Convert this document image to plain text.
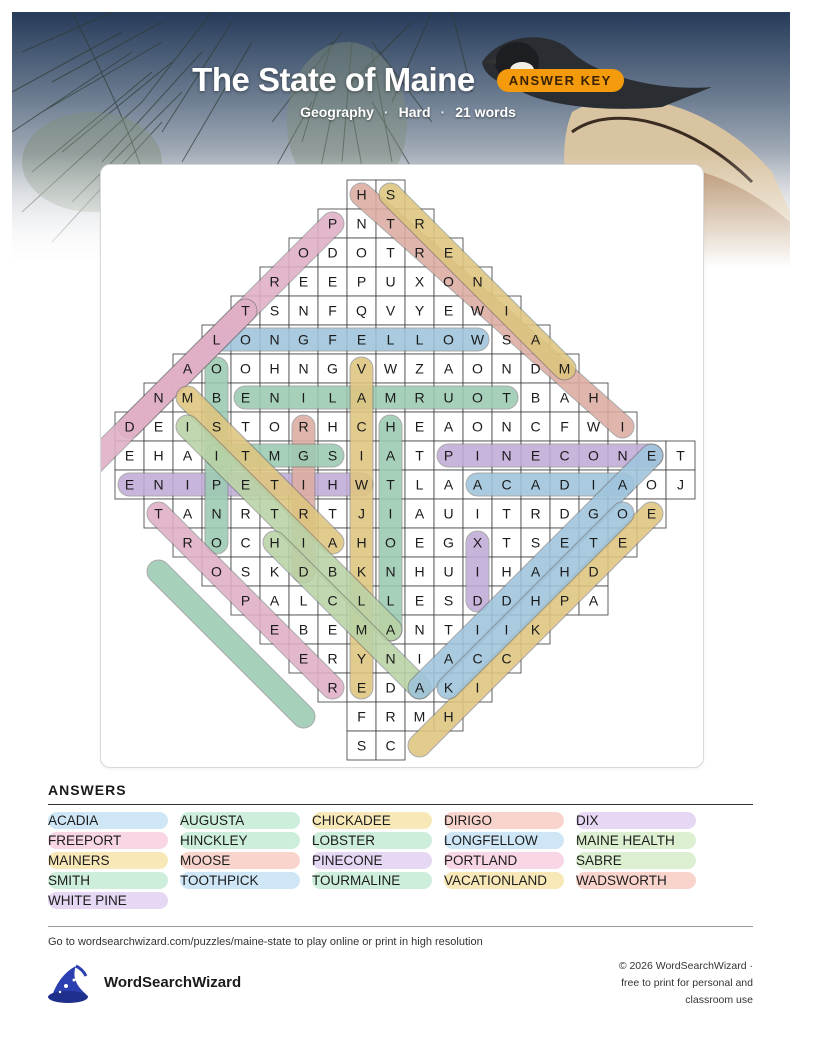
The State of Maine	ANSWER KEY
Geography · Hard · 21 words
H S
P N T R
O D O T R E
R E E P U X O N
T S N F Q V Y E W I
L O N G F E L L O W S A
A O O H N G V W Z A O N D M
N M B E N I L A M R U O T B A H
D E I S T O R H C H E A O N C F W I
E H A I T M G S I A T P I N E C O N E T
E N I P E T I H W T L A A C A D I A O J
T A N R T R T J I A U I T R D G O E
R O C H I A H O E G X T S E T E
O S K D B K N H U I H A H D
P A L C L L E S D D H P A
E B E M A N T I I K
E R Y N I A C C
R E D A K I
F R M H
S C
ANSWERS
ACADIA	AUGUSTA	CHICKADEE	DIRIGO	DIX
FREEPORT	HINCKLEY	LOBSTER	LONGFELLOW	MAINE HEALTH
MAINERS	MOOSE	PINECONE	PORTLAND	SABRE
SMITH	TOOTHPICK	TOURMALINE	VACATIONLAND	WADSWORTH
WHITE PINE
Go to wordsearchwizard.com/puzzles/maine-state to play online or print in high resolution
WordSearchWizard
© 2026 WordSearchWizard ·
free to print for personal and
classroom use
